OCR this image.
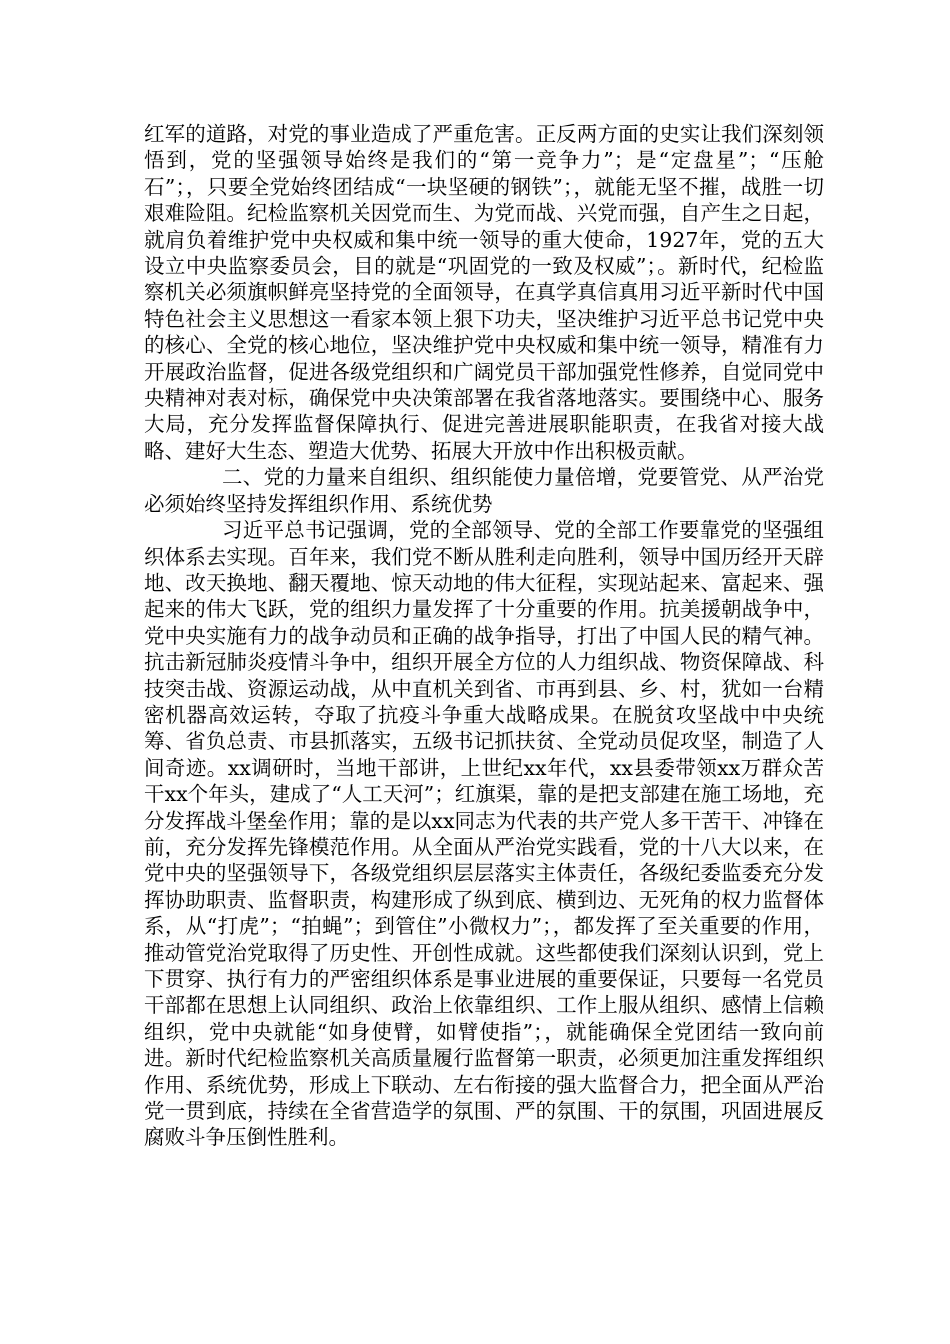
红军的道路，对党的事业造成了严重危害。正反两方面的史实让我们深刻领悟到，党的坚强领导始终是我们的“第一竞争力”；是“定盘星”；“压舱石”；，只要全党始终团结成“一块坚硬的钢铁”；，就能无坚不摧，战胜一切艰难险阻。纪检监察机关因党而生、为党而战、兴党而强，自产生之日起，就肩负着维护党中央权威和集中统一领导的重大使命，1927年，党的五大设立中央监察委员会，目的就是“巩固党的一致及权威”；。新时代，纪检监察机关必须旗帜鲜亮坚持党的全面领导，在真学真信真用习近平新时代中国特色社会主义思想这一看家本领上狠下功夫，坚决维护习近平总书记党中央的核心、全党的核心地位，坚决维护党中央权威和集中统一领导，精准有力开展政治监督，促进各级党组织和广阔党员干部加强党性修养，自觉同党中央精神对表对标，确保党中央决策部署在我省落地落实。要围绕中心、服务大局，充分发挥监督保障执行、促进完善进展职能职责，在我省对接大战略、建好大生态、塑造大优势、拓展大开放中作出积极贡献。

二、党的力量来自组织、组织能使力量倍增，党要管党、从严治党必须始终坚持发挥组织作用、系统优势

习近平总书记强调，党的全部领导、党的全部工作要靠党的坚强组织体系去实现。百年来，我们党不断从胜利走向胜利，领导中国历经开天辟地、改天换地、翻天覆地、惊天动地的伟大征程，实现站起来、富起来、强起来的伟大飞跃，党的组织力量发挥了十分重要的作用。抗美援朝战争中，党中央实施有力的战争动员和正确的战争指导，打出了中国人民的精气神。抗击新冠肺炎疫情斗争中，组织开展全方位的人力组织战、物资保障战、科技突击战、资源运动战，从中直机关到省、市再到县、乡、村，犹如一台精密机器高效运转，夺取了抗疫斗争重大战略成果。在脱贫攻坚战中中央统筹、省负总责、市县抓落实，五级书记抓扶贫、全党动员促攻坚，制造了人间奇迹。xx调研时，当地干部讲，上世纪xx年代，xx县委带领xx万群众苦干xx个年头，建成了“人工天河”；红旗渠，靠的是把支部建在施工场地，充分发挥战斗堡垒作用；靠的是以xx同志为代表的共产党人多干苦干、冲锋在前，充分发挥先锋模范作用。从全面从严治党实践看，党的十八大以来，在党中央的坚强领导下，各级党组织层层落实主体责任，各级纪委监委充分发挥协助职责、监督职责，构建形成了纵到底、横到边、无死角的权力监督体系，从“打虎”；“拍蝇”；到管住”小微权力”；，都发挥了至关重要的作用，推动管党治党取得了历史性、开创性成就。这些都使我们深刻认识到，党上下贯穿、执行有力的严密组织体系是事业进展的重要保证，只要每一名党员干部都在思想上认同组织、政治上依靠组织、工作上服从组织、感情上信赖组织，党中央就能“如身使臂，如臂使指”；，就能确保全党团结一致向前进。新时代纪检监察机关高质量履行监督第一职责，必须更加注重发挥组织作用、系统优势，形成上下联动、左右衔接的强大监督合力，把全面从严治党一贯到底，持续在全省营造学的氛围、严的氛围、干的氛围，巩固进展反腐败斗争压倒性胜利。
